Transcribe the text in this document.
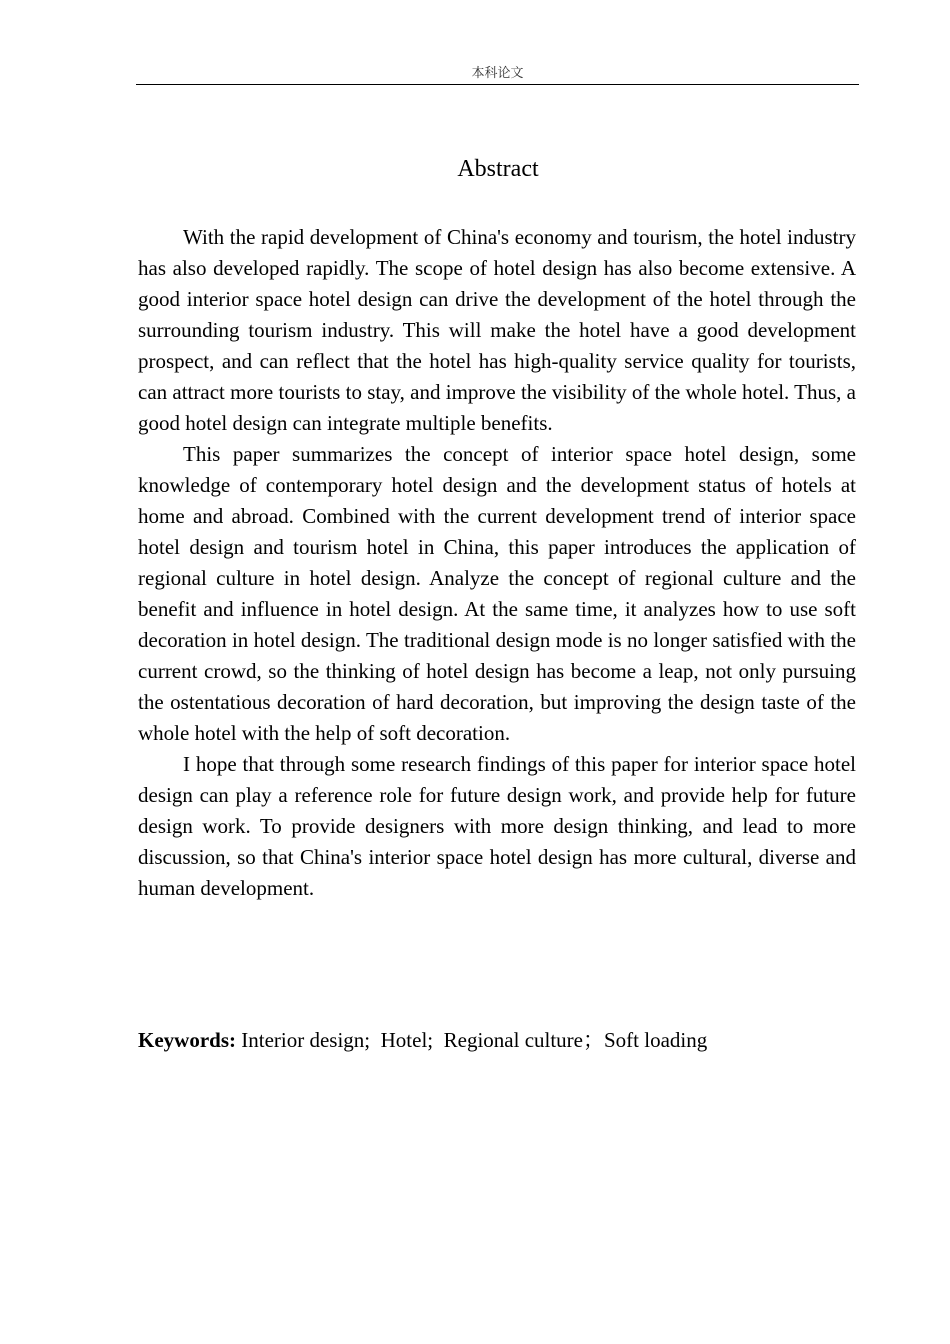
本科论文
Abstract

With the rapid development of China's economy and tourism, the hotel industry has also developed rapidly. The scope of hotel design has also become extensive. A good interior space hotel design can drive the development of the hotel through the surrounding tourism industry. This will make the hotel have a good development prospect, and can reflect that the hotel has high-quality service quality for tourists, can attract more tourists to stay, and improve the visibility of the whole hotel. Thus, a good hotel design can integrate multiple benefits.

This paper summarizes the concept of interior space hotel design, some knowledge of contemporary hotel design and the development status of hotels at home and abroad. Combined with the current development trend of interior space hotel design and tourism hotel in China, this paper introduces the application of regional culture in hotel design. Analyze the concept of regional culture and the benefit and influence in hotel design. At the same time, it analyzes how to use soft decoration in hotel design. The traditional design mode is no longer satisfied with the current crowd, so the thinking of hotel design has become a leap, not only pursuing the ostentatious decoration of hard decoration, but improving the design taste of the whole hotel with the help of soft decoration.

I hope that through some research findings of this paper for interior space hotel design can play a reference role for future design work, and provide help for future design work. To provide designers with more design thinking, and lead to more discussion, so that China's interior space hotel design has more cultural, diverse and human development.

Keywords: Interior design;  Hotel;  Regional culture；Soft loading
